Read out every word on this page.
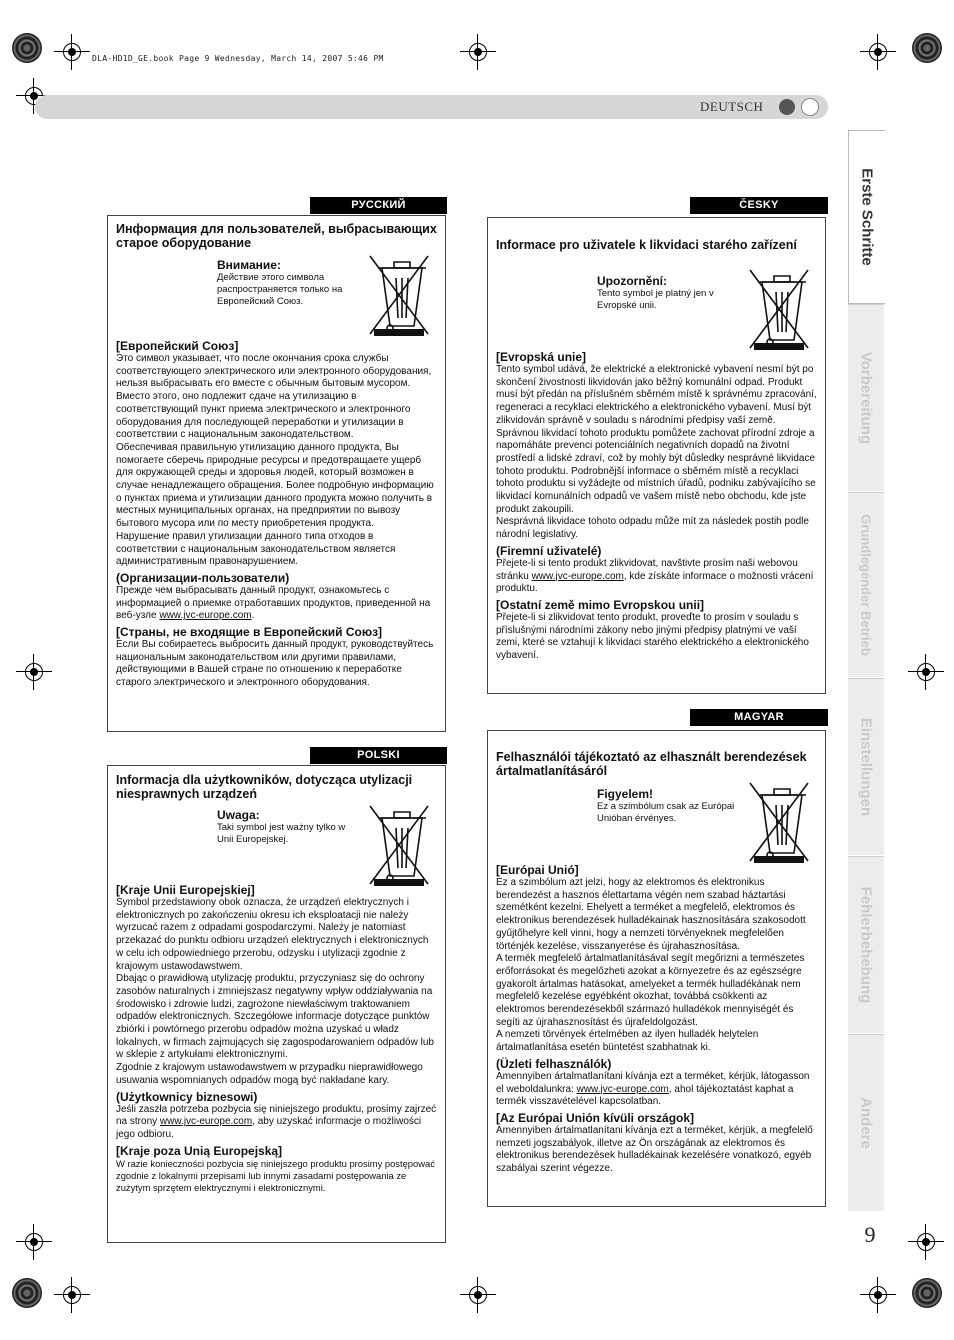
DLA-HD1D_GE.book Page 9 Wednesday, March 14, 2007 5:46 PM
DEUTSCH
Erste Schritte
Vorbereitung
Grundlegender Betrieb
Einstellungen
Fehlerbehebung
Andere
9
РУССКИЙ

Информация для пользователей, выбрасывающих старое оборудование

Внимание:
Действие этого символа распространяется только на Европейский Союз.
[Европейский Союз]

Это символ указывает, что после окончания срока службы соответствующего электрического или электронного оборудования, нельзя выбрасывать его вместе с обычным бытовым мусором. Вместо этого, оно подлежит сдаче на утилизацию в соответствующий пункт приема электрического и электронного оборудования для последующей переработки и утилизации в соответствии с национальным законодательством.

Обеспечивая правильную утилизацию данного продукта, Вы помогаете сберечь природные ресурсы и предотвращаете ущерб для окружающей среды и здоровья людей, который возможен в случае ненадлежащего обращения. Более подробную информацию о пунктах приема и утилизации данного продукта можно получить в местных муниципальных органах, на предприятии по вывозу бытового мусора или по месту приобретения продукта.

Нарушение правил утилизации данного типа отходов в соответствии с национальным законодательством является административным правонарушением.

(Организации-пользователи)

Прежде чем выбрасывать данный продукт, ознакомьтесь с информацией о приемке отработавших продуктов, приведенной на веб-узле www.jvc-europe.com.

[Страны, не входящие в Европейский Союз]

Если Вы собираетесь выбросить данный продукт, руководствуйтесь национальным законодательством или другими правилами, действующими в Вашей стране по отношению к переработке старого электрического и электронного оборудования.

POLSKI

Informacja dla użytkowników, dotycząca utylizacji niesprawnych urządzeń

Uwaga:
Taki symbol jest ważny tylko w Unii Europejskej.
[Kraje Unii Europejskiej]

Symbol przedstawiony obok oznacza, że urządzeń elektrycznych i elektronicznych po zakończeniu okresu ich eksploatacji nie należy wyrzucać razem z odpadami gospodarczymi. Należy je natomiast przekazać do punktu odbioru urządzeń elektrycznych i elektronicznych w celu ich odpowiedniego przerobu, odzysku i utylizacji zgodnie z krajowym ustawodawstwem.

Dbając o prawidłową utylizację produktu, przyczyniasz się do ochrony zasobów naturalnych i zmniejszasz negatywny wpływ oddziaływania na środowisko i zdrowie ludzi, zagrożone niewłaściwym traktowaniem odpadów elektronicznych. Szczegółowe informacje dotyczące punktów zbiórki i powtórnego przerobu odpadów można uzyskać u władz lokalnych, w firmach zajmujących się zagospodarowaniem odpadów lub w sklepie z artykułami elektronicznymi.

Zgodnie z krajowym ustawodawstwem w przypadku nieprawidłowego usuwania wspomnianych odpadów mogą być nakładane kary.

(Użytkownicy biznesowi)

Jeśli zaszła potrzeba pozbycia się niniejszego produktu, prosimy zajrzeć na strony www.jvc-europe.com, aby uzyskać informacje o możliwości jego odbioru.

[Kraje poza Unią Europejską]

W razie konieczności pozbycia się niniejszego produktu prosimy postępować zgodnie z lokalnymi przepisami lub innymi zasadami postępowania ze zużytym sprzętem elektrycznymi i elektronicznymi.

ČESKY

Informace pro uživatele k likvidaci starého zařízení

Upozornění:
Tento symbol je platný jen v Evropské unii.
[Evropská unie]

Tento symbol udává, že elektrické a elektronické vybavení nesmí být po skončení živostnosti likvidován jako běžný komunální odpad. Produkt musí být předán na příslušném sběrném místě k správnému zpracování, regeneraci a recyklaci elektrického a elektronického vybavení. Musí být zlikvidován správně v souladu s národními předpisy vaší země.

Správnou likvidací tohoto produktu pomůžete zachovat přírodní zdroje a napomáháte prevenci potenciálních negativních dopadů na životní prostředí a lidské zdraví, což by mohly být důsledky nesprávné likvidace tohoto produktu. Podrobnější informace o sběrném místě a recyklaci tohoto produktu si vyžádejte od místních úřadů, podniku zabývajícího se likvidací komunálních odpadů ve vašem místě nebo obchodu, kde jste produkt zakoupili.

Nesprávná likvidace tohoto odpadu může mít za následek postih podle národní legislativy.

(Firemní uživatelé)

Přejete-li si tento produkt zlikvidovat, navštivte prosím naši webovou stránku www.jvc-europe.com, kde získáte informace o možnosti vrácení produktu.

[Ostatní země mimo Evropskou unii]

Přejete-li si zlikvidovat tento produkt, proveďte to prosím v souladu s příslušnými národními zákony nebo jinými předpisy platnými ve vaší zemi, které se vztahují k likvidaci starého elektrického a elektronického vybavení.

MAGYAR

Felhasználói tájékoztató az elhasznált berendezések ártalmatlanításáról

Figyelem!
Ez a szimbólum csak az Európai Unióban érvényes.
[Európai Unió]

Ez a szimbólum azt jelzi, hogy az elektromos és elektronikus berendezést a hasznos élettartama végén nem szabad háztartási szemétként kezelni. Ehelyett a terméket a megfelelő, elektromos és elektronikus berendezések hulladékainak hasznosítására szakosodott gyűjtőhelyre kell vinni, hogy a nemzeti törvényeknek megfelelően történjék kezelése, visszanyerése és újrahasznosítása.

A termék megfelelő ártalmatlanításával segít megőrizni a természetes erőforrásokat és megelőzheti azokat a környezetre és az egészségre gyakorolt ártalmas hatásokat, amelyeket a termék hulladékának nem megfelelő kezelése egyébként okozhat, továbbá csökkenti az elektromos berendezésekből származó hulladékok mennyiségét és segíti az újrahasznosítást és újrafeldolgozást.

A nemzeti törvények értelmében az ilyen hulladék helytelen ártalmatlanítása esetén büntetést szabhatnak ki.

(Üzleti felhasználók)

Amennyiben ártalmatlanítani kívánja ezt a terméket, kérjük, látogasson el weboldalunkra: www.jvc-europe.com, ahol tájékoztatást kaphat a termék visszavételével kapcsolatban.

[Az Európai Unión kívüli országok]

Amennyiben ártalmatlanítani kívánja ezt a terméket, kérjük, a megfelelő nemzeti jogszabályok, illetve az Ön országának az elektromos és elektronikus berendezések hulladékainak kezelésére vonatkozó, egyéb szabályai szerint végezze.
